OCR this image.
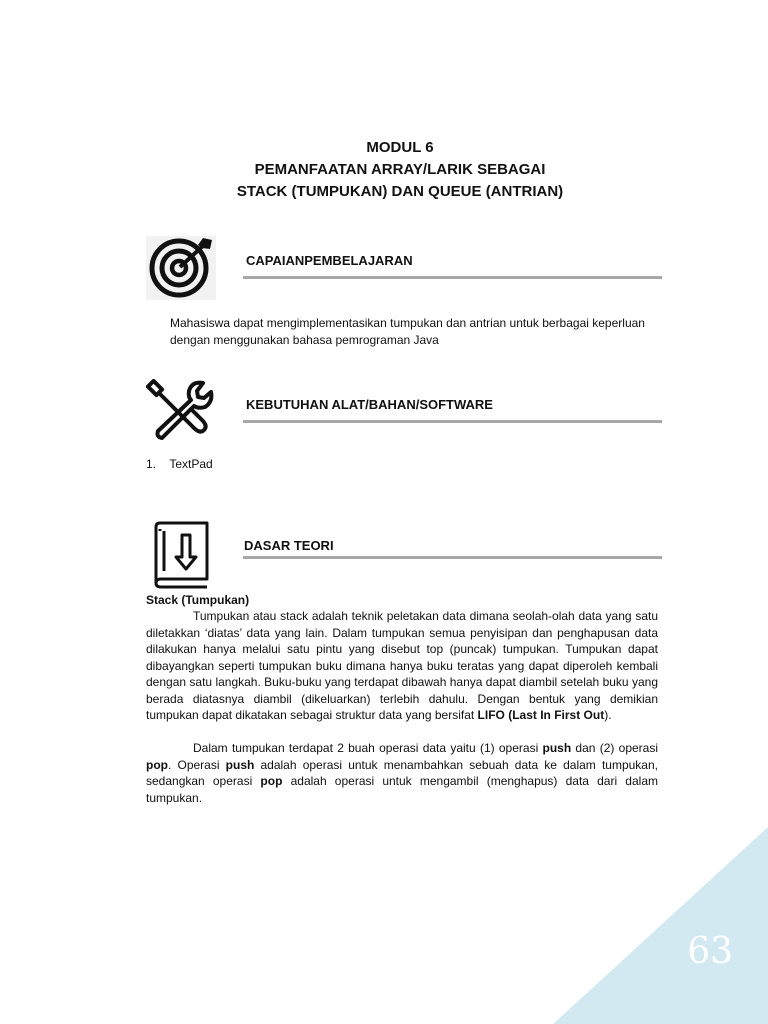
MODUL 6
PEMANFAATAN ARRAY/LARIK SEBAGAI
STACK (TUMPUKAN) DAN QUEUE (ANTRIAN)
CAPAIANPEMBELAJARAN
Mahasiswa dapat mengimplementasikan tumpukan dan antrian untuk berbagai keperluan dengan menggunakan bahasa pemrograman Java
KEBUTUHAN ALAT/BAHAN/SOFTWARE
1. TextPad
DASAR TEORI
Stack (Tumpukan)
Tumpukan atau stack adalah teknik peletakan data dimana seolah-olah data yang satu diletakkan ‘diatas’ data yang lain. Dalam tumpukan semua penyisipan dan penghapusan data dilakukan hanya melalui satu pintu yang disebut top (puncak) tumpukan. Tumpukan dapat dibayangkan seperti tumpukan buku dimana hanya buku teratas yang dapat diperoleh kembali dengan satu langkah. Buku-buku yang terdapat dibawah hanya dapat diambil setelah buku yang berada diatasnya diambil (dikeluarkan) terlebih dahulu. Dengan bentuk yang demikian tumpukan dapat dikatakan sebagai struktur data yang bersifat LIFO (Last In First Out).
Dalam tumpukan terdapat 2 buah operasi data yaitu (1) operasi push dan (2) operasi pop. Operasi push adalah operasi untuk menambahkan sebuah data ke dalam tumpukan, sedangkan operasi pop adalah operasi untuk mengambil (menghapus) data dari dalam tumpukan.
63
